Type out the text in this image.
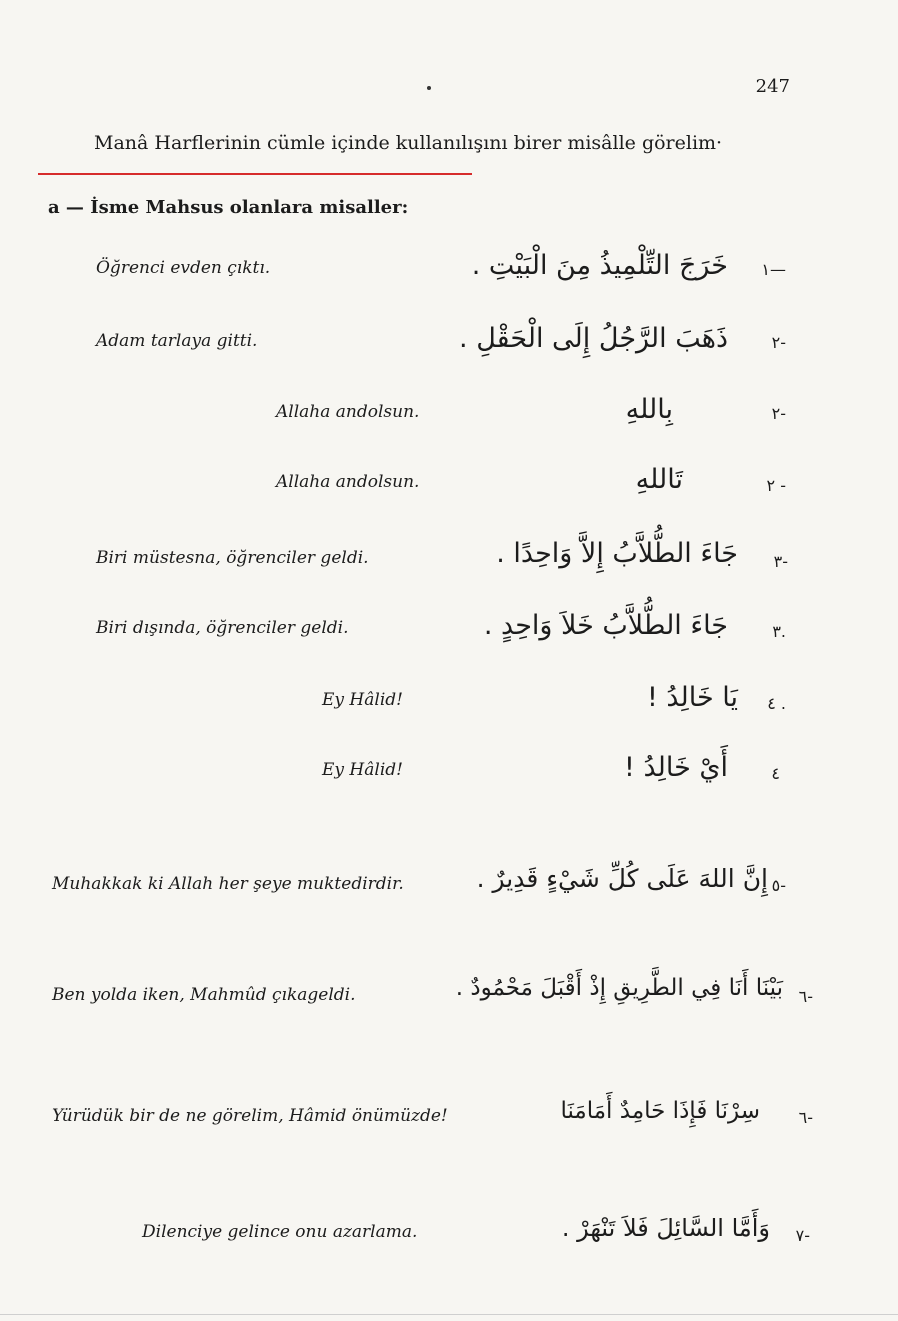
247
Manâ Harflerinin cümle içinde kullanılışını birer misâlle görelim·
a — İsme Mahsus olanlara misaller:
Öğrenci evden çıktı.	خَرَجَ التِّلْمِيذُ مِنَ الْبَيْتِ . ١—
Adam tarlaya gitti.	ذَهَبَ الرَّجُلُ إِلَى الْحَقْلِ .	٢-
Allaha andolsun.	بِاللهِ	٢-
Allaha andolsun.	تَاللهِ	٢ -
Biri müstesna, öğrenciler geldi.	جَاءَ الطُّلاَّبُ إِلاَّ وَاحِدًا . ٣-
Biri dışında, öğrenciler geldi.	جَاءَ الطُّلاَّبُ خَلاَ وَاحِدٍ .	٣.
Ey Hâlid!	يَا خَالِدُ ! ٤ .
Ey Hâlid!	أَيْ خَالِدُ !	٤
Muhakkak ki Allah her şeye muktedirdir.	إِنَّ اللهَ عَلَى كُلِّ شَيْءٍ قَدِيرٌ . ٥-
Ben yolda iken, Mahmûd çıkageldi.	بَيْنَا أَنَا فِي الطَّرِيقِ إِذْ أَقْبَلَ مَحْمُودٌ . ٦-
Yürüdük bir de ne görelim, Hâmid önümüzde!	سِرْنَا فَإِذَا حَامِدٌ أَمَامَنَا ٦-
Dilenciye gelince onu azarlama.	وَأَمَّا السَّائِلَ فَلاَ تَنْهَرْ . ٧-
